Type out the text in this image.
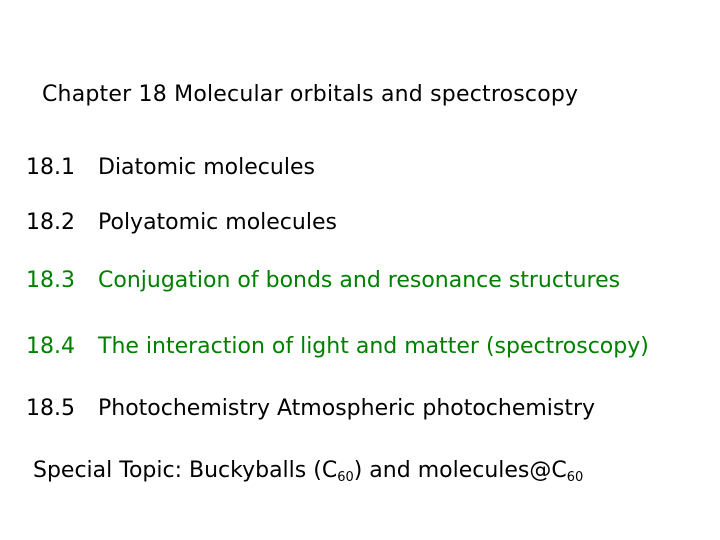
Chapter 18 Molecular orbitals and spectroscopy
18.1 Diatomic molecules
18.2 Polyatomic molecules
18.3 Conjugation of bonds and resonance structures
18.4 The interaction of light and matter (spectroscopy)
18.5 Photochemistry Atmospheric photochemistry
Special Topic: Buckyballs $(C_{60})$ and $molecules@C_{60}$
